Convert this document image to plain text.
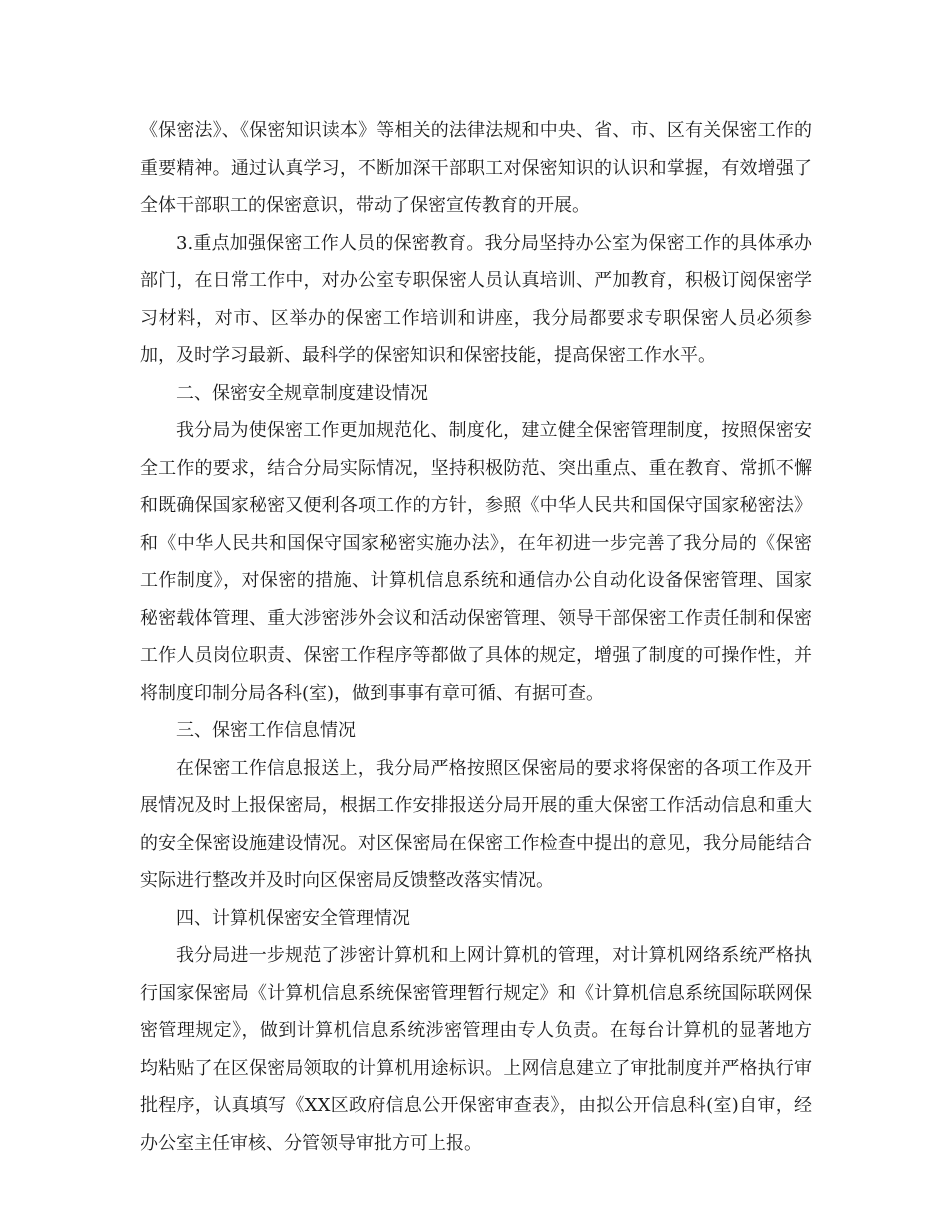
《保密法》、《保密知识读本》等相关的法律法规和中央、省、市、区有关保密工作的重要精神。通过认真学习，不断加深干部职工对保密知识的认识和掌握，有效增强了全体干部职工的保密意识，带动了保密宣传教育的开展。

3.重点加强保密工作人员的保密教育。我分局坚持办公室为保密工作的具体承办部门，在日常工作中，对办公室专职保密人员认真培训、严加教育，积极订阅保密学习材料，对市、区举办的保密工作培训和讲座，我分局都要求专职保密人员必须参加，及时学习最新、最科学的保密知识和保密技能，提高保密工作水平。

二、保密安全规章制度建设情况

我分局为使保密工作更加规范化、制度化，建立健全保密管理制度，按照保密安全工作的要求，结合分局实际情况，坚持积极防范、突出重点、重在教育、常抓不懈和既确保国家秘密又便利各项工作的方针，参照《中华人民共和国保守国家秘密法》和《中华人民共和国保守国家秘密实施办法》，在年初进一步完善了我分局的《保密工作制度》，对保密的措施、计算机信息系统和通信办公自动化设备保密管理、国家秘密载体管理、重大涉密涉外会议和活动保密管理、领导干部保密工作责任制和保密工作人员岗位职责、保密工作程序等都做了具体的规定，增强了制度的可操作性，并将制度印制分局各科(室)，做到事事有章可循、有据可查。

三、保密工作信息情况

在保密工作信息报送上，我分局严格按照区保密局的要求将保密的各项工作及开展情况及时上报保密局，根据工作安排报送分局开展的重大保密工作活动信息和重大的安全保密设施建设情况。对区保密局在保密工作检查中提出的意见，我分局能结合实际进行整改并及时向区保密局反馈整改落实情况。

四、计算机保密安全管理情况

我分局进一步规范了涉密计算机和上网计算机的管理，对计算机网络系统严格执行国家保密局《计算机信息系统保密管理暂行规定》和《计算机信息系统国际联网保密管理规定》，做到计算机信息系统涉密管理由专人负责。在每台计算机的显著地方均粘贴了在区保密局领取的计算机用途标识。上网信息建立了审批制度并严格执行审批程序，认真填写《XX区政府信息公开保密审查表》，由拟公开信息科(室)自审，经办公室主任审核、分管领导审批方可上报。
